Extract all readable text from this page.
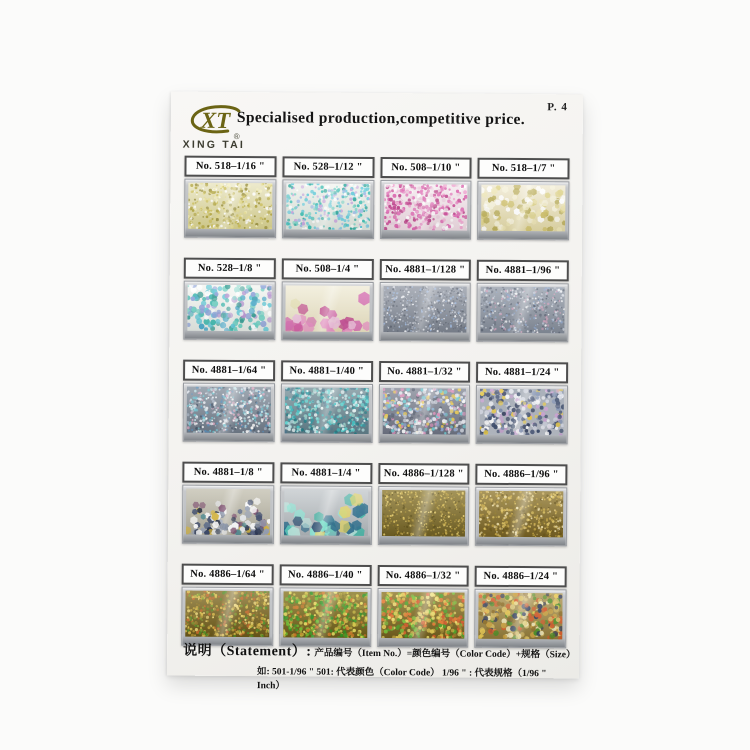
P. 4
XT
®
XING TAI
Specialised production,competitive price.
No. 518–1/16 "	No. 528–1/12 "	No. 508–1/10 "	No. 518–1/7 "
No. 528–1/8 "	No. 508–1/4 "	No. 4881–1/128 "	No. 4881–1/96 "
No. 4881–1/64 "	No. 4881–1/40 "	No. 4881–1/32 "	No. 4881–1/24 "
No. 4881–1/8 "	No. 4881–1/4 "	No. 4886–1/128 "	No. 4886–1/96 "
No. 4886–1/64 "	No. 4886–1/40 "	No. 4886–1/32 "	No. 4886–1/24 "
说明（Statement）: 产品编号（Item No.）=颜色编号（Color Code）+规格（Size）
如: 501-1/96 " 501: 代表颜色（Color Code） 1/96 " : 代表规格（1/96 " Inch）
